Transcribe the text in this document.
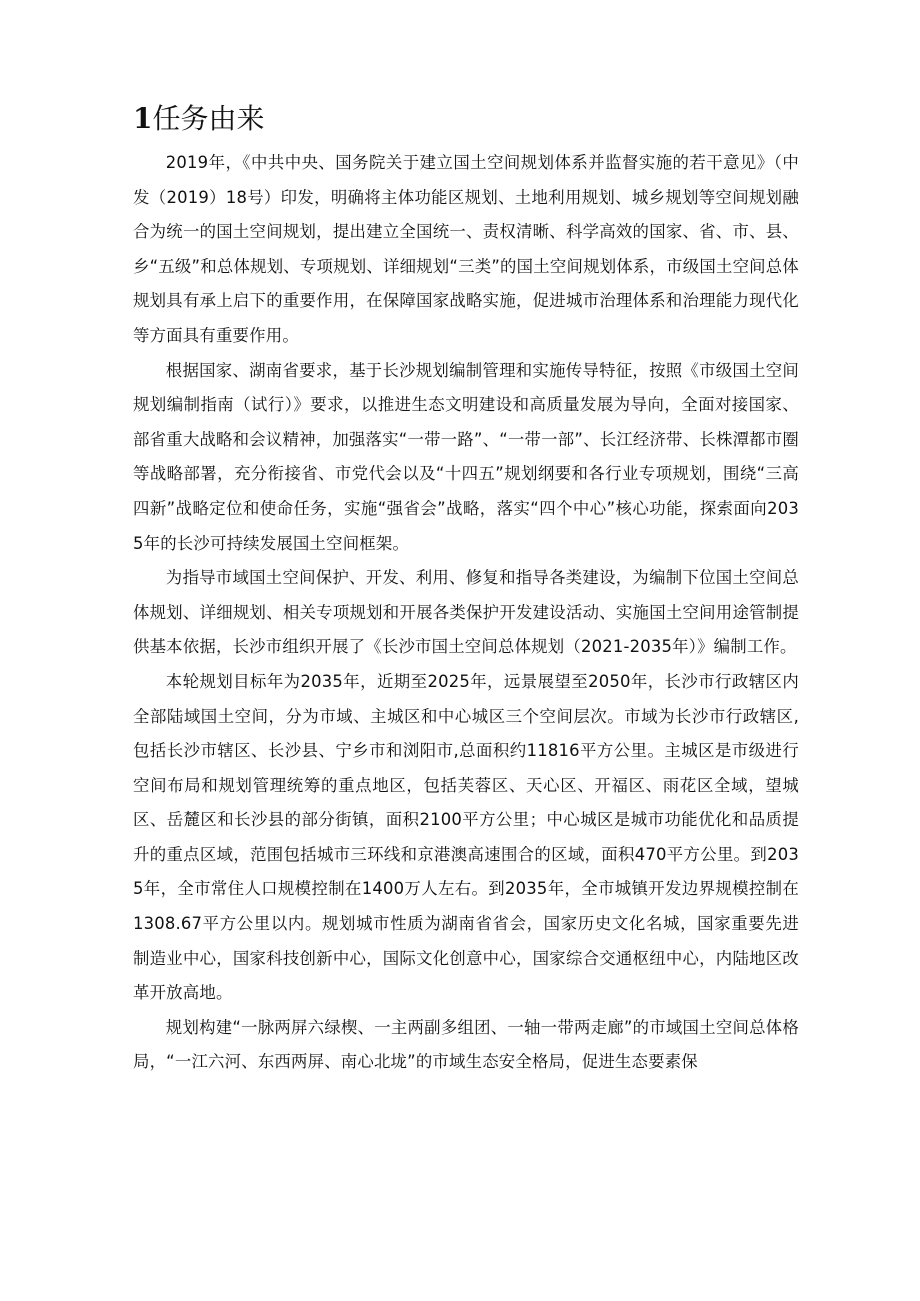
1任务由来

2019年，《中共中央、国务院关于建立国土空间规划体系并监督实施的若干意见》（中发（2019）18号）印发，明确将主体功能区规划、土地利用规划、城乡规划等空间规划融合为统一的国土空间规划，提出建立全国统一、责权清晰、科学高效的国家、省、市、县、乡“五级”和总体规划、专项规划、详细规划“三类”的国土空间规划体系，市级国土空间总体规划具有承上启下的重要作用，在保障国家战略实施，促进城市治理体系和治理能力现代化等方面具有重要作用。

根据国家、湖南省要求，基于长沙规划编制管理和实施传导特征，按照《市级国土空间规划编制指南（试行）》要求，以推进生态文明建设和高质量发展为导向，全面对接国家、部省重大战略和会议精神，加强落实“一带一路”、“一带一部”、长江经济带、长株潭都市圈等战略部署，充分衔接省、市党代会以及“十四五”规划纲要和各行业专项规划，围绕“三高四新”战略定位和使命任务，实施“强省会”战略，落实“四个中心”核心功能，探索面向2035年的长沙可持续发展国土空间框架。

为指导市域国土空间保护、开发、利用、修复和指导各类建设，为编制下位国土空间总体规划、详细规划、相关专项规划和开展各类保护开发建设活动、实施国土空间用途管制提供基本依据，长沙市组织开展了《长沙市国土空间总体规划（2021-2035年）》编制工作。

本轮规划目标年为2035年，近期至2025年，远景展望至2050年，长沙市行政辖区内全部陆域国土空间，分为市域、主城区和中心城区三个空间层次。市域为长沙市行政辖区,包括长沙市辖区、长沙县、宁乡市和浏阳市,总面积约11816平方公里。主城区是市级进行空间布局和规划管理统筹的重点地区，包括芙蓉区、天心区、开福区、雨花区全域，望城区、岳麓区和长沙县的部分街镇，面积2100平方公里；中心城区是城市功能优化和品质提升的重点区域，范围包括城市三环线和京港澳高速围合的区域，面积470平方公里。到2035年，全市常住人口规模控制在1400万人左右。到2035年，全市城镇开发边界规模控制在1308.67平方公里以内。规划城市性质为湖南省省会，国家历史文化名城，国家重要先进制造业中心，国家科技创新中心，国际文化创意中心，国家综合交通枢纽中心，内陆地区改革开放高地。

规划构建“一脉两屏六绿楔、一主两副多组团、一轴一带两走廊”的市域国土空间总体格局，“一江六河、东西两屏、南心北垅”的市域生态安全格局，促进生态要素保
